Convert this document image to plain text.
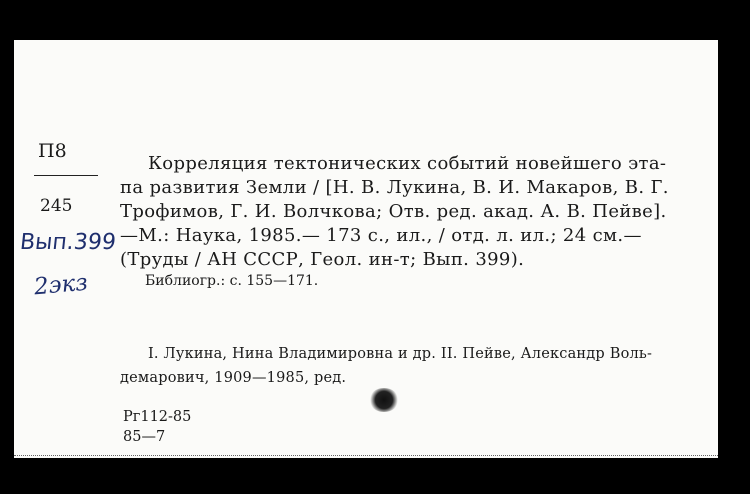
П8
245
Вып.399
2экз
Корреляция тектонических событий новейшего эта-
па развития Земли / [Н. В. Лукина, В. И. Макаров, В. Г.
Трофимов, Г. И. Волчкова; Отв. ред. акад. А. В. Пейве].
—М.: Наука, 1985.— 173 с., ил., / отд. л. ил.; 24 см.—
(Труды / АН СССР, Геол. ин-т; Вып. 399).
Библиогр.: с. 155—171.
I. Лукина, Нина Владимировна и др. II. Пейве, Александр Воль-
демарович, 1909—1985, ред.
Рг112-85
85—7
